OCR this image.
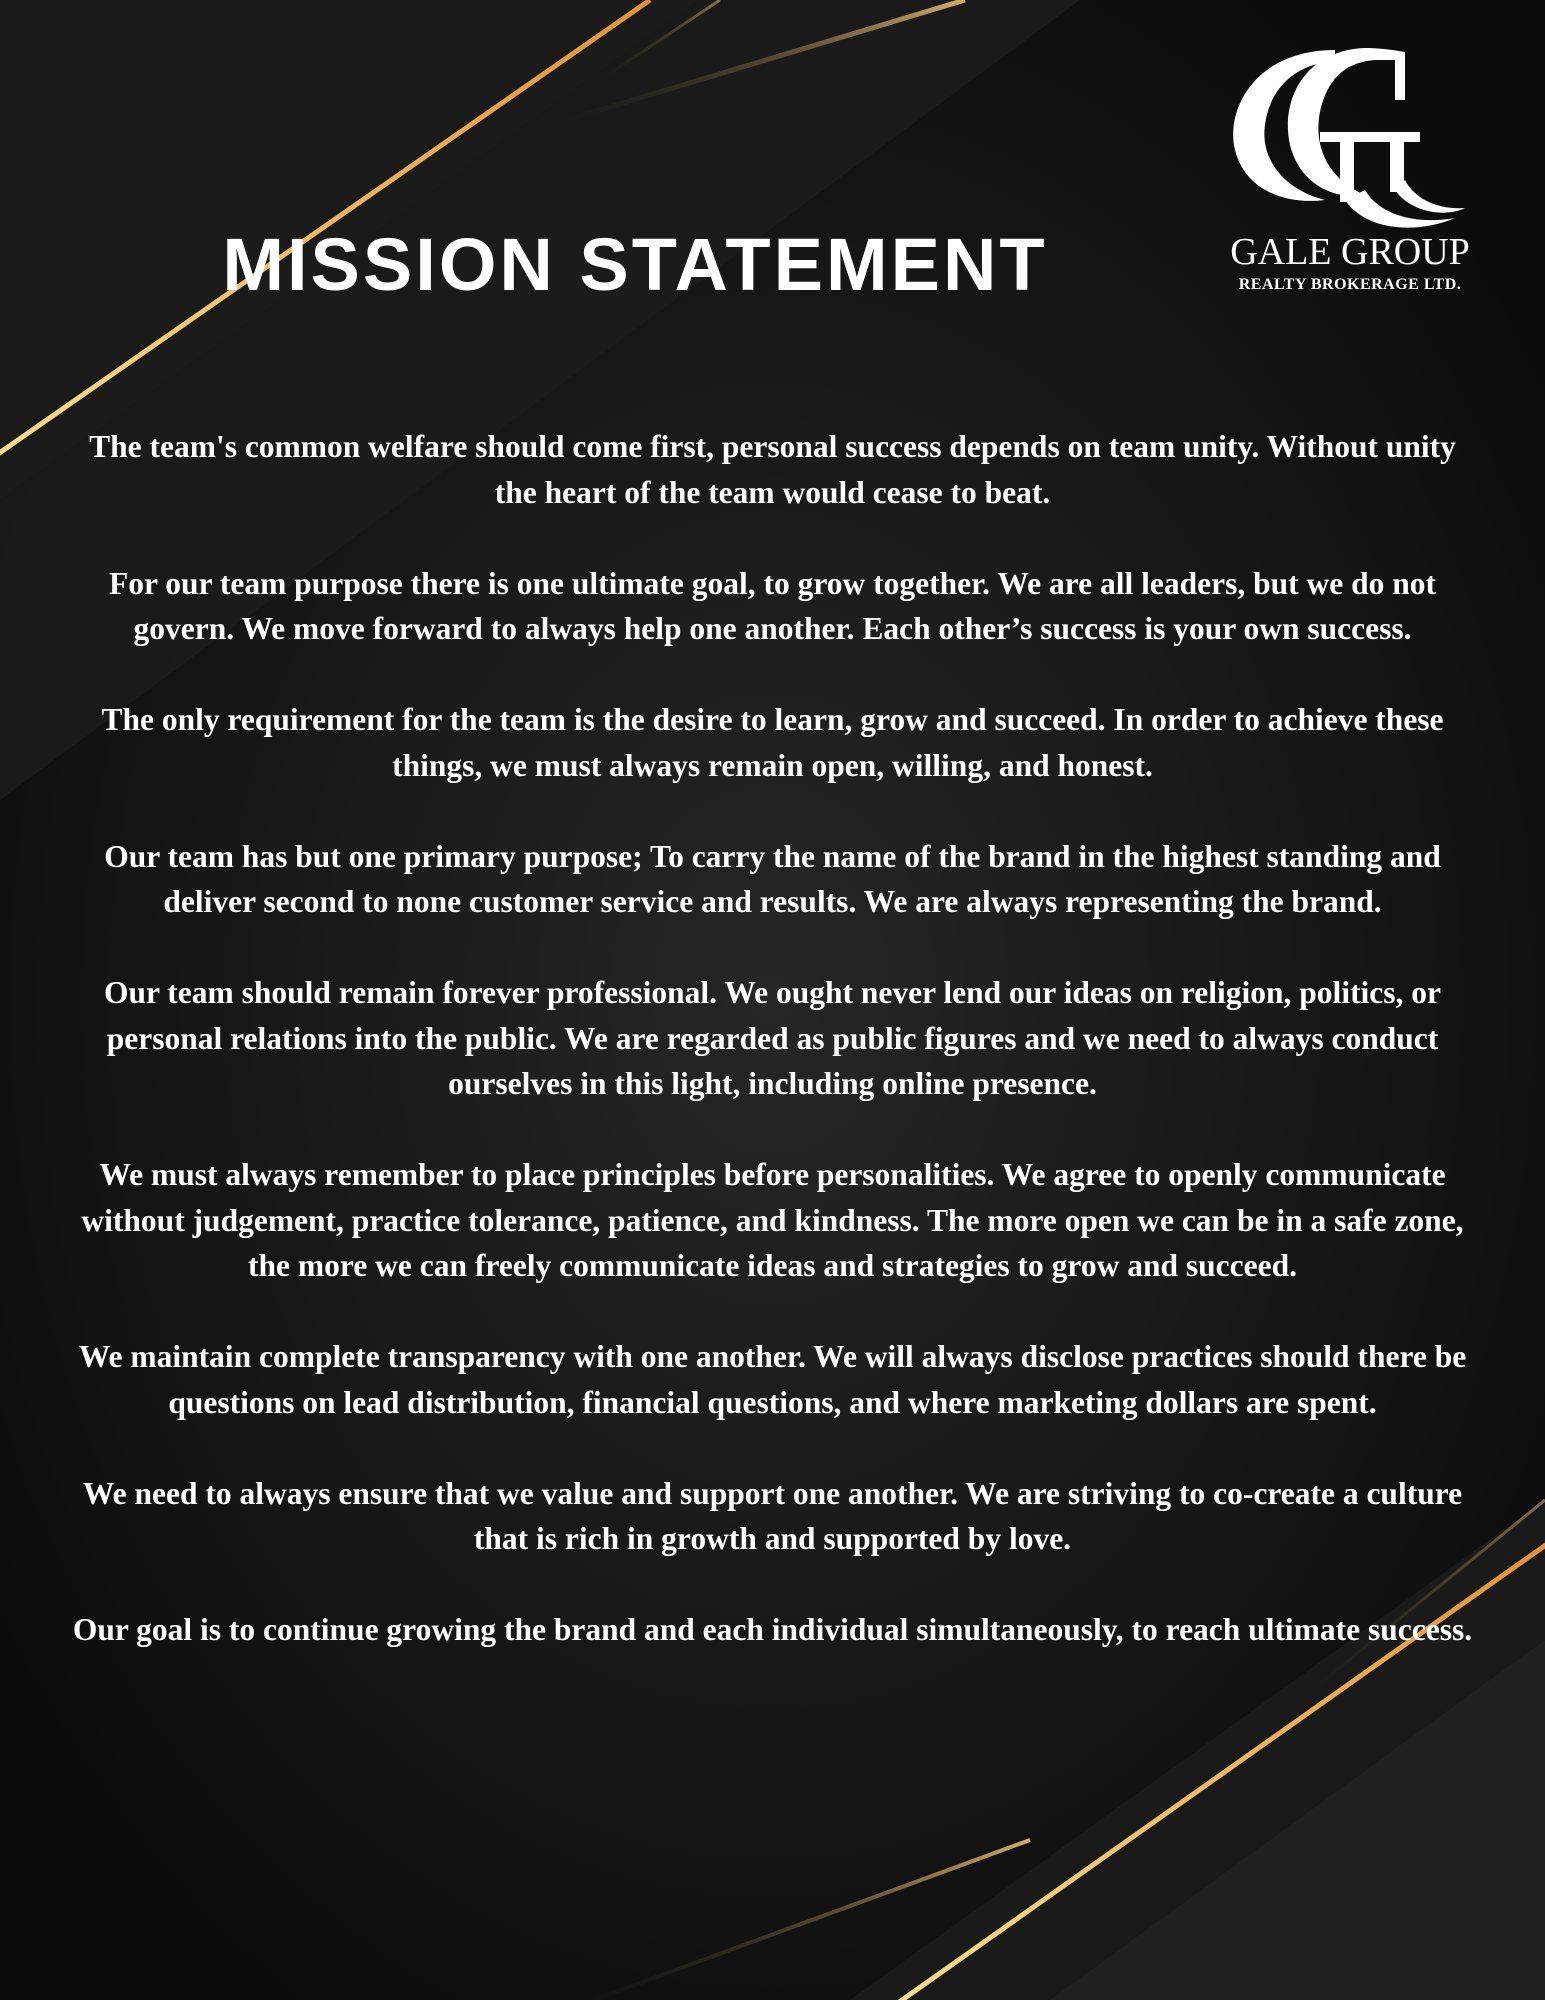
MISSION STATEMENT	GALE GROUP
REALTY BROKERAGE LTD.

The team's common welfare should come first, personal success depends on team unity. Without unity the heart of the team would cease to beat.

For our team purpose there is one ultimate goal, to grow together. We are all leaders, but we do not govern. We move forward to always help one another. Each other’s success is your own success.

The only requirement for the team is the desire to learn, grow and succeed. In order to achieve these things, we must always remain open, willing, and honest.

Our team has but one primary purpose; To carry the name of the brand in the highest standing and deliver second to none customer service and results. We are always representing the brand.

Our team should remain forever professional. We ought never lend our ideas on religion, politics, or personal relations into the public. We are regarded as public figures and we need to always conduct ourselves in this light, including online presence.

We must always remember to place principles before personalities. We agree to openly communicate without judgement, practice tolerance, patience, and kindness. The more open we can be in a safe zone, the more we can freely communicate ideas and strategies to grow and succeed.

We maintain complete transparency with one another. We will always disclose practices should there be questions on lead distribution, financial questions, and where marketing dollars are spent.

We need to always ensure that we value and support one another. We are striving to co-create a culture that is rich in growth and supported by love.

Our goal is to continue growing the brand and each individual simultaneously, to reach ultimate success.
